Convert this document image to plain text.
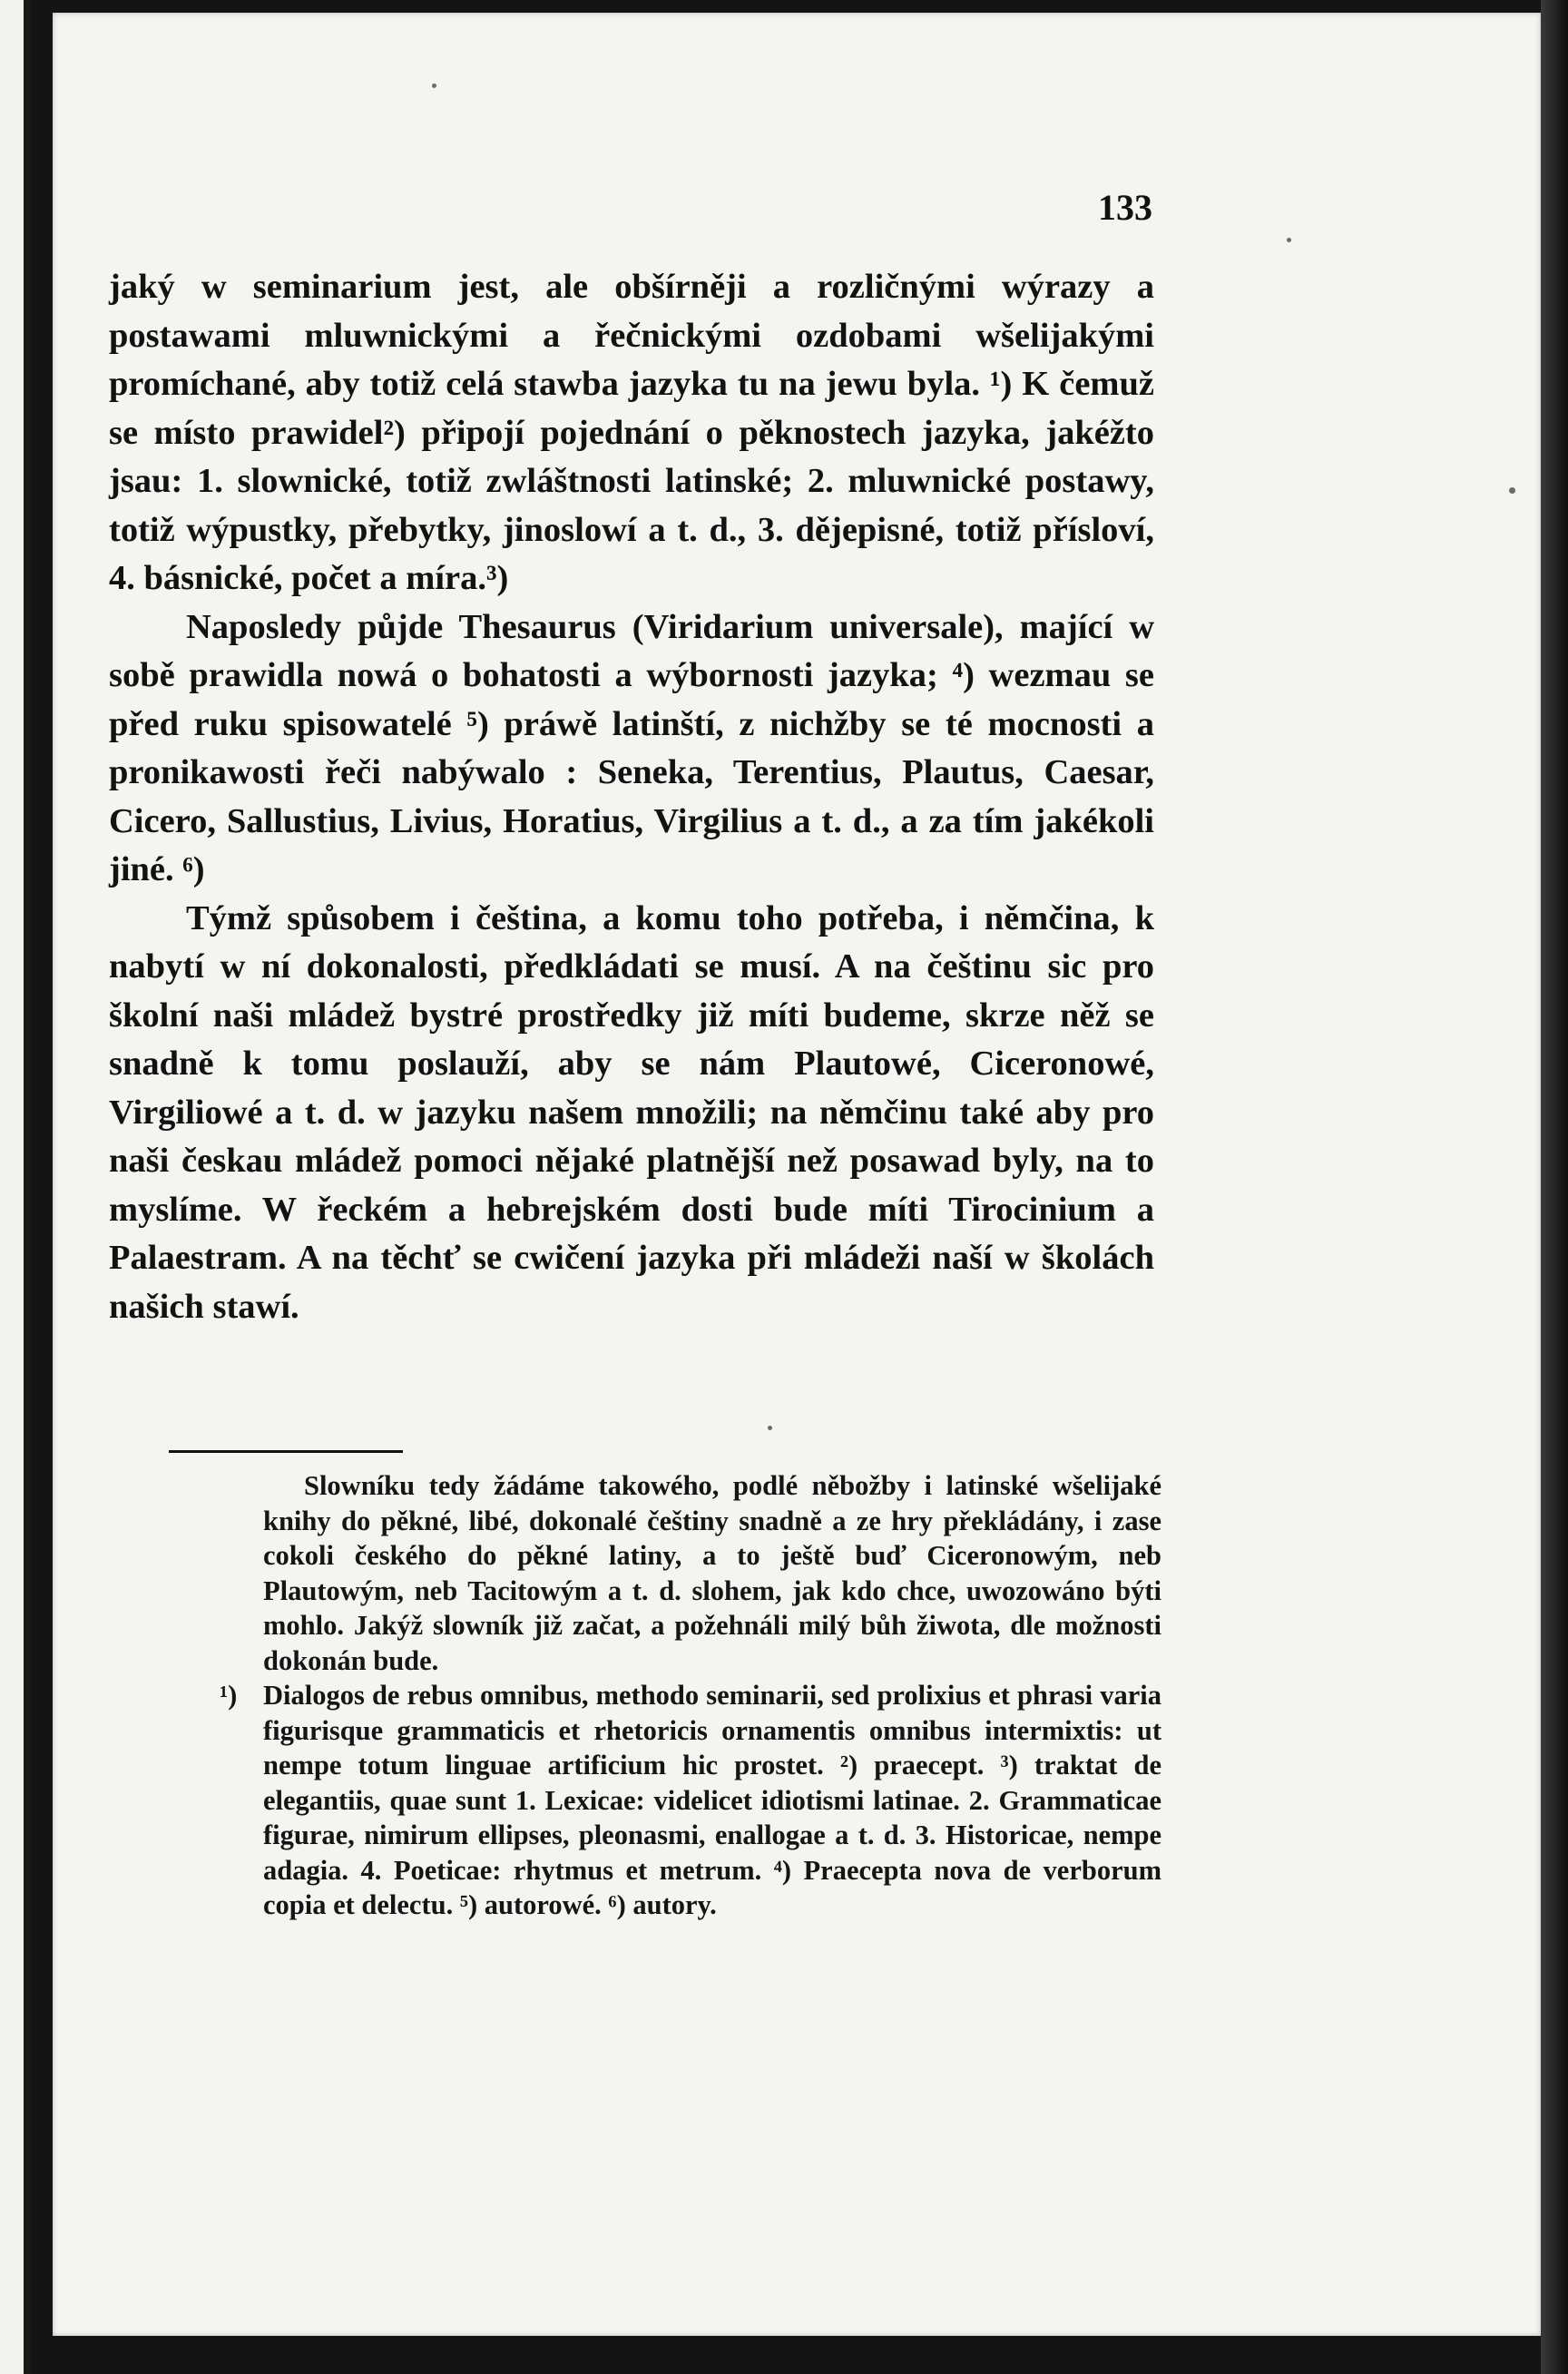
133

jaký w seminarium jest, ale obšírněji a rozličnými wýrazy a postawami mluwnickými a řečnickými ozdobami wšelijakými promíchané, aby totiž celá stawba jazyka tu na jewu byla. ¹) K čemuž se místo prawidel²) připojí pojednání o pěknostech jazyka, jakéžto jsau: 1. slownické, totiž zwláštnosti latinské; 2. mluwnické postawy, totiž wýpustky, přebytky, jinoslowí a t. d., 3. dějepisné, totiž přísloví, 4. básnické, počet a míra.³)

Naposledy půjde Thesaurus (Viridarium universale), mající w sobě prawidla nowá o bohatosti a wýbornosti jazyka; ⁴) wezmau se před ruku spisowatelé ⁵) práwě latinští, z nichžby se té mocnosti a pronikawosti řeči nabýwalo : Seneka, Terentius, Plautus, Caesar, Cicero, Sallustius, Livius, Horatius, Virgilius a t. d., a za tím jakékoli jiné. ⁶)

Týmž spůsobem i čeština, a komu toho potřeba, i němčina, k nabytí w ní dokonalosti, předkládati se musí. A na češtinu sic pro školní naši mládež bystré prostředky již míti budeme, skrze něž se snadně k tomu poslauží, aby se nám Plautowé, Ciceronowé, Virgiliowé a t. d. w jazyku našem množili; na němčinu také aby pro naši českau mládež pomoci nějaké platnější než posawad byly, na to myslíme. W řeckém a hebrejském dosti bude míti Tirocinium a Palaestram. A na těchť se cwičení jazyka při mládeži naší w školách našich stawí.

Slowníku tedy žádáme takowého, podlé něbožby i latinské wšelijaké knihy do pěkné, libé, dokonalé češtiny snadně a ze hry překládány, i zase cokoli českého do pěkné latiny, a to ještě buď Ciceronowým, neb Plautowým, neb Tacitowým a t. d. slohem, jak kdo chce, uwozowáno býti mohlo. Jakýž slowník již začat, a požehnáli milý bůh žiwota, dle možnosti dokonán bude.

¹) Dialogos de rebus omnibus, methodo seminarii, sed prolixius et phrasi varia figurisque grammaticis et rhetoricis ornamentis omnibus intermixtis: ut nempe totum linguae artificium hic prostet. ²) praecept. ³) traktat de elegantiis, quae sunt 1. Lexicae: videlicet idiotismi latinae. 2. Grammaticae figurae, nimirum ellipses, pleonasmi, enallogae a t. d. 3. Historicae, nempe adagia. 4. Poeticae: rhytmus et metrum. ⁴) Praecepta nova de verborum copia et delectu. ⁵) autorowé. ⁶) autory.
